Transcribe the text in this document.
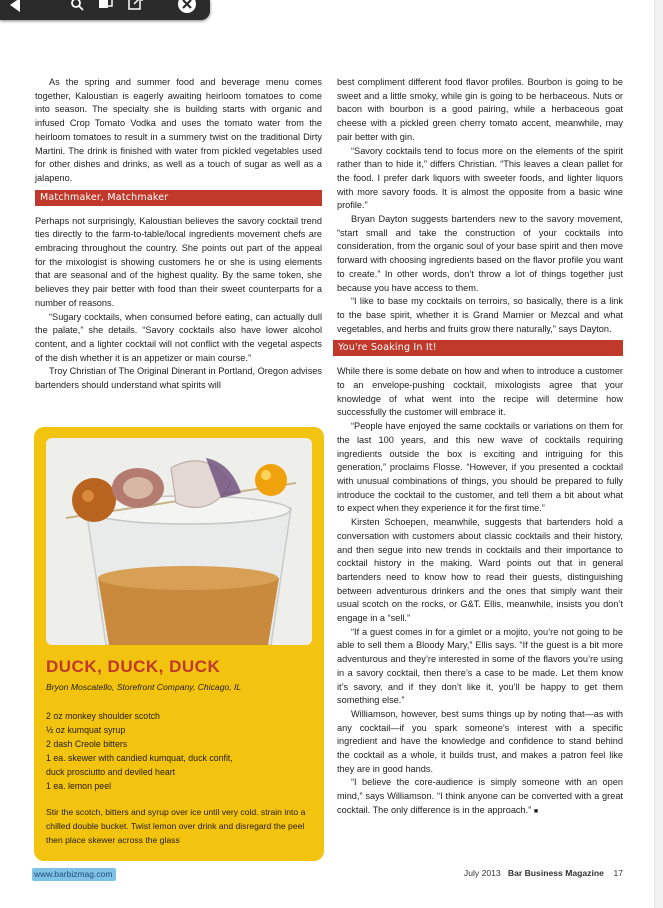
As the spring and summer food and beverage menu comes together, Kaloustian is eagerly awaiting heirloom tomatoes to come into season. The specialty she is building starts with organic and infused Crop Tomato Vodka and uses the tomato water from the heirloom tomatoes to result in a summery twist on the traditional Dirty Martini. The drink is finished with water from pickled vegetables used for other dishes and drinks, as well as a touch of sugar as well as a jalapeno.

Matchmaker, Matchmaker

Perhaps not surprisingly, Kaloustian believes the savory cocktail trend ties directly to the farm-to-table/local ingredients movement chefs are embracing throughout the country. She points out part of the appeal for the mixologist is showing customers he or she is using elements that are seasonal and of the highest quality. By the same token, she believes they pair better with food than their sweet counterparts for a number of reasons.

“Sugary cocktails, when consumed before eating, can actually dull the palate,” she details. “Savory cocktails also have lower alcohol content, and a lighter cocktail will not conflict with the vegetal aspects of the dish whether it is an appetizer or main course.”

Troy Christian of The Original Dinerant in Portland, Oregon advises bartenders should understand what spirits will

DUCK, DUCK, DUCK
Bryon Moscatello, Storefront Company, Chicago, IL
2 oz monkey shoulder scotch
½ oz kumquat syrup
2 dash Creole bitters
1 ea. skewer with candied kumquat, duck confit,
duck prosciutto and deviled heart
1 ea. lemon peel
Stir the scotch, bitters and syrup over ice until very cold. strain into a chilled double bucket. Twist lemon over drink and disregard the peel then place skewer across the glass

best compliment different food flavor profiles. Bourbon is going to be sweet and a little smoky, while gin is going to be herbaceous. Nuts or bacon with bourbon is a good pairing, while a herbaceous goat cheese with a pickled green cherry tomato accent, meanwhile, may pair better with gin.

“Savory cocktails tend to focus more on the elements of the spirit rather than to hide it,” differs Christian. “This leaves a clean pallet for the food. I prefer dark liquors with sweeter foods, and lighter liquors with more savory foods. It is almost the opposite from a basic wine profile.”

Bryan Dayton suggests bartenders new to the savory movement, “start small and take the construction of your cocktails into consideration, from the organic soul of your base spirit and then move forward with choosing ingredients based on the flavor profile you want to create.” In other words, don’t throw a lot of things together just because you have access to them.

“I like to base my cocktails on terroirs, so basically, there is a link to the base spirit, whether it is Grand Marnier or Mezcal and what vegetables, and herbs and fruits grow there naturally,” says Dayton.

You're Soaking In It!

While there is some debate on how and when to introduce a customer to an envelope-pushing cocktail, mixologists agree that your knowledge of what went into the recipe will determine how successfully the customer will embrace it.

“People have enjoyed the same cocktails or variations on them for the last 100 years, and this new wave of cocktails requiring ingredients outside the box is exciting and intriguing for this generation,” proclaims Flosse. “However, if you presented a cocktail with unusual combinations of things, you should be prepared to fully introduce the cocktail to the customer, and tell them a bit about what to expect when they experience it for the first time.”

Kirsten Schoepen, meanwhile, suggests that bartenders hold a conversation with customers about classic cocktails and their history, and then segue into new trends in cocktails and their importance to cocktail history in the making. Ward points out that in general bartenders need to know how to read their guests, distinguishing between adventurous drinkers and the ones that simply want their usual scotch on the rocks, or G&T. Ellis, meanwhile, insists you don’t engage in a “sell.”

“If a guest comes in for a gimlet or a mojito, you’re not going to be able to sell them a Bloody Mary,” Ellis says. “If the guest is a bit more adventurous and they’re interested in some of the flavors you’re using in a savory cocktail, then there’s a case to be made. Let them know it’s savory, and if they don’t like it, you’ll be happy to get them something else.”

Williamson, however, best sums things up by noting that—as with any cocktail—if you spark someone’s interest with a specific ingredient and have the knowledge and confidence to stand behind the cocktail as a whole, it builds trust, and makes a patron feel like they are in good hands.

“I believe the core-audience is simply someone with an open mind,” says Williamson. “I think anyone can be converted with a great cocktail. The only difference is in the approach.” ■

www.barbizmag.com	July 2013 Bar Business Magazine 17
